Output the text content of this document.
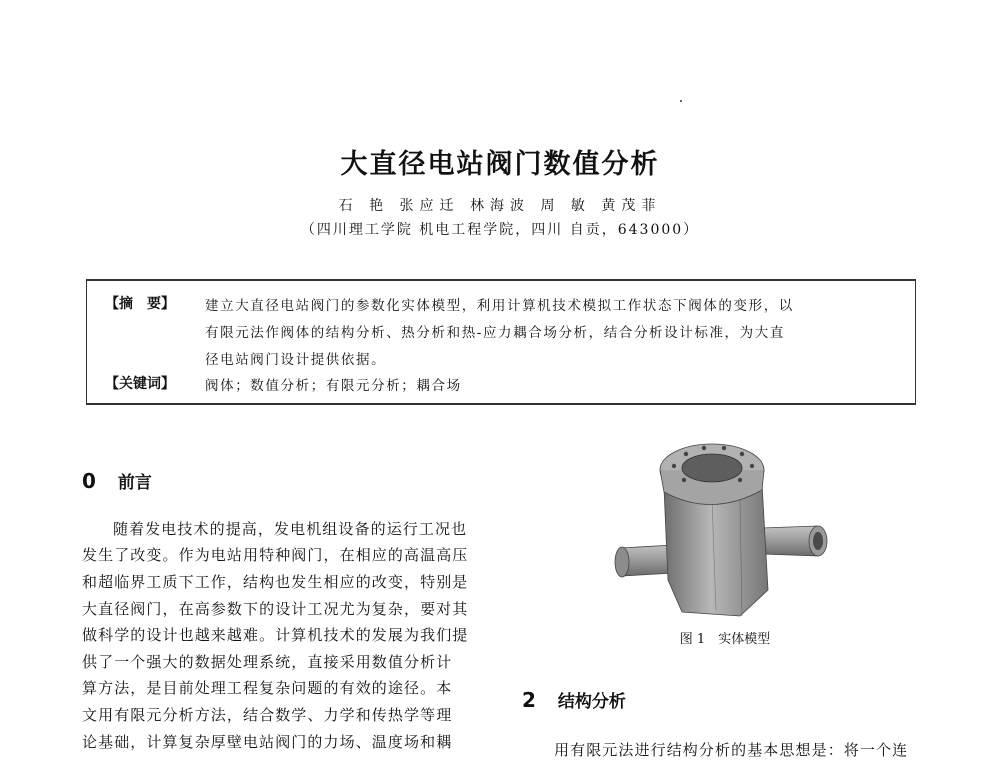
大直径电站阀门数值分析
石 艳 张应迁 林海波 周 敏 黄茂菲
（四川理工学院 机电工程学院，四川 自贡，643000）
【摘　要】 建立大直径电站阀门的参数化实体模型，利用计算机技术模拟工作状态下阀体的变形，以
有限元法作阀体的结构分析、热分析和热-应力耦合场分析，结合分析设计标准，为大直
径电站阀门设计提供依据。
【关键词】 阀体；数值分析；有限元分析；耦合场
0 前言
随着发电技术的提高，发电机组设备的运行工况也
发生了改变。作为电站用特种阀门，在相应的高温高压
和超临界工质下工作，结构也发生相应的改变，特别是
大直径阀门，在高参数下的设计工况尤为复杂，要对其
做科学的设计也越来越难。计算机技术的发展为我们提
供了一个强大的数据处理系统，直接采用数值分析计
算方法，是目前处理工程复杂问题的有效的途径。本
文用有限元分析方法，结合数学、力学和传热学等理
论基础，计算复杂厚壁电站阀门的力场、温度场和耦
图 1　实体模型
2 结构分析
用有限元法进行结构分析的基本思想是：将一个连
